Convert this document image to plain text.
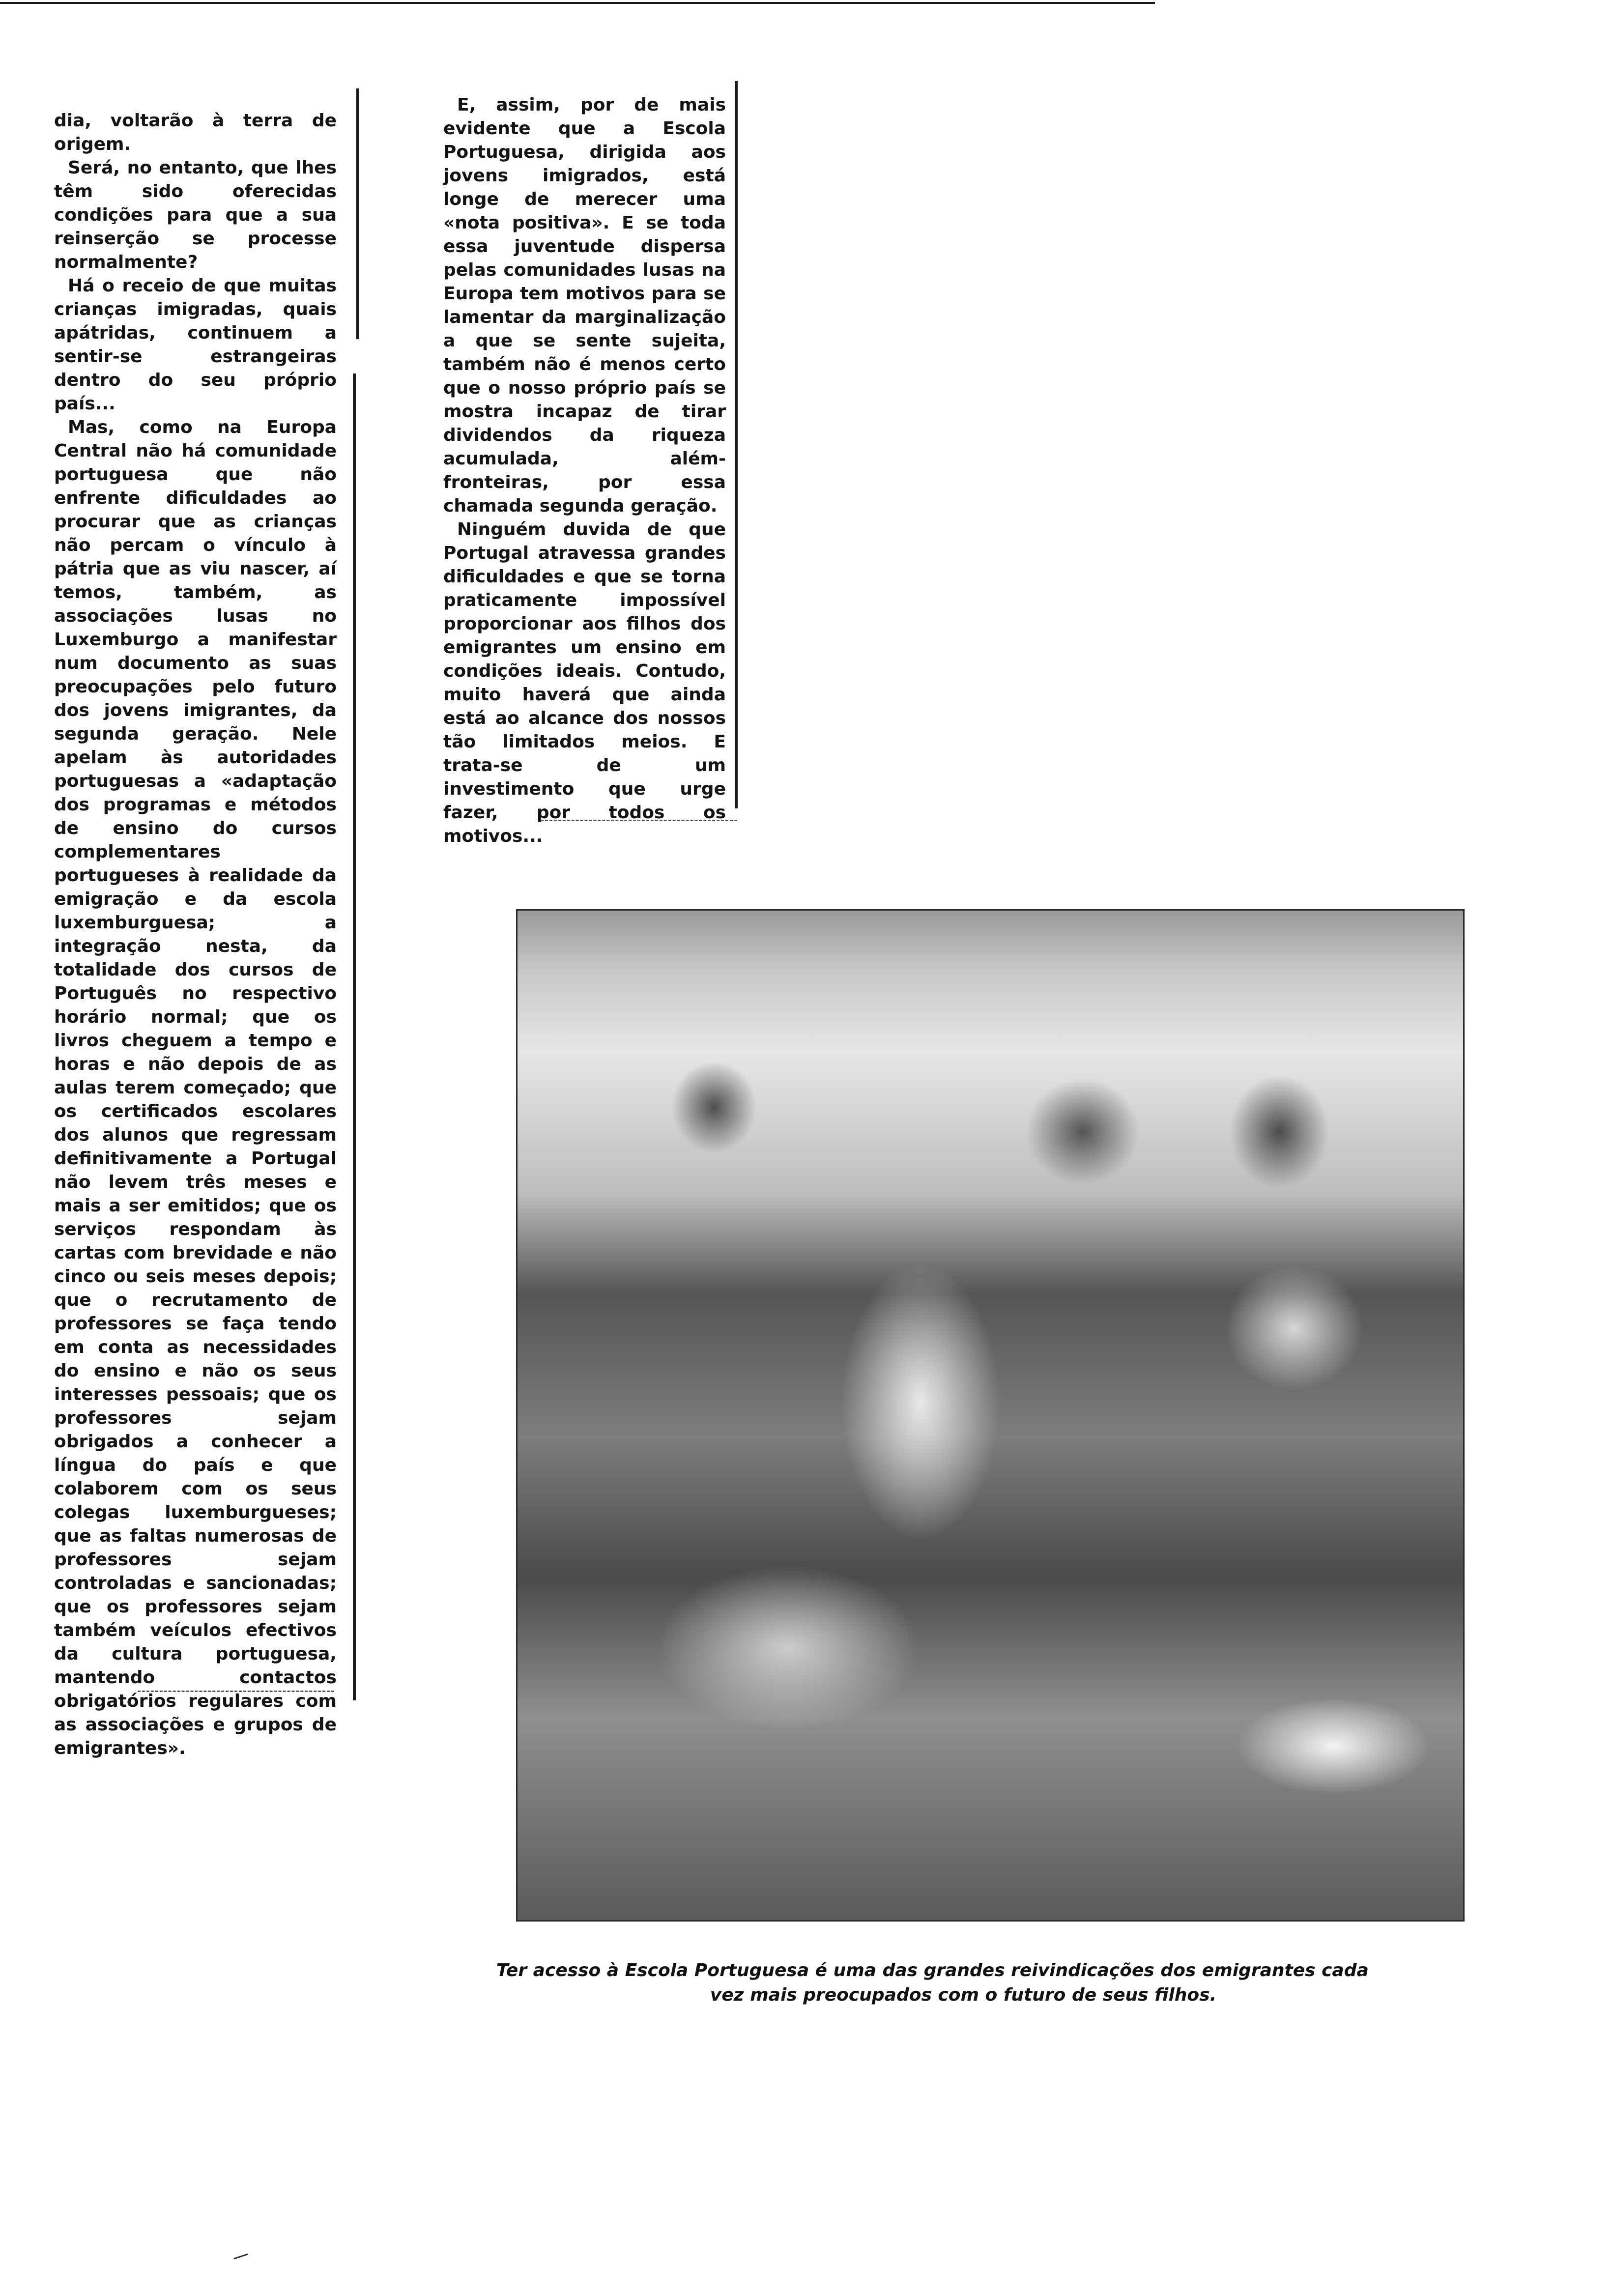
dia, voltarão à terra de origem.

Será, no entanto, que lhes têm sido oferecidas condições para que a sua reinserção se processe normalmente?

Há o receio de que muitas crianças imigradas, quais apátridas, continuem a sentir-se estrangeiras dentro do seu próprio país...

Mas, como na Europa Central não há comunidade portuguesa que não enfrente dificuldades ao procurar que as crianças não percam o vínculo à pátria que as viu nascer, aí temos, também, as associações lusas no Luxemburgo a manifestar num documento as suas preocupações pelo futuro dos jovens imigrantes, da segunda geração. Nele apelam às autoridades portuguesas a «adaptação dos programas e métodos de ensino do cursos complementares portugueses à realidade da emigração e da escola luxemburguesa; a integração nesta, da totalidade dos cursos de Português no respectivo horário normal; que os livros cheguem a tempo e horas e não depois de as aulas terem começado; que os certificados escolares dos alunos que regressam definitivamente a Portugal não levem três meses e mais a ser emitidos; que os serviços respondam às cartas com brevidade e não cinco ou seis meses depois; que o recrutamento de professores se faça tendo em conta as necessidades do ensino e não os seus interesses pessoais; que os professores sejam obrigados a conhecer a língua do país e que colaborem com os seus colegas luxemburgueses; que as faltas numerosas de professores sejam controladas e sancionadas; que os professores sejam também veículos efectivos da cultura portuguesa, mantendo contactos obrigatórios regulares com as associações e grupos de emigrantes».

E, assim, por de mais evidente que a Escola Portuguesa, dirigida aos jovens imigrados, está longe de merecer uma «nota positiva». E se toda essa juventude dispersa pelas comunidades lusas na Europa tem motivos para se lamentar da marginalização a que se sente sujeita, também não é menos certo que o nosso próprio país se mostra incapaz de tirar dividendos da riqueza acumulada, além-fronteiras, por essa chamada segunda geração.

Ninguém duvida de que Portugal atravessa grandes dificuldades e que se torna praticamente impossível proporcionar aos filhos dos emigrantes um ensino em condições ideais. Contudo, muito haverá que ainda está ao alcance dos nossos tão limitados meios. E trata-se de um investimento que urge fazer, por todos os motivos...

Ter acesso à Escola Portuguesa é uma das grandes reivindicações dos emigrantes cada
vez mais preocupados com o futuro de seus filhos.
